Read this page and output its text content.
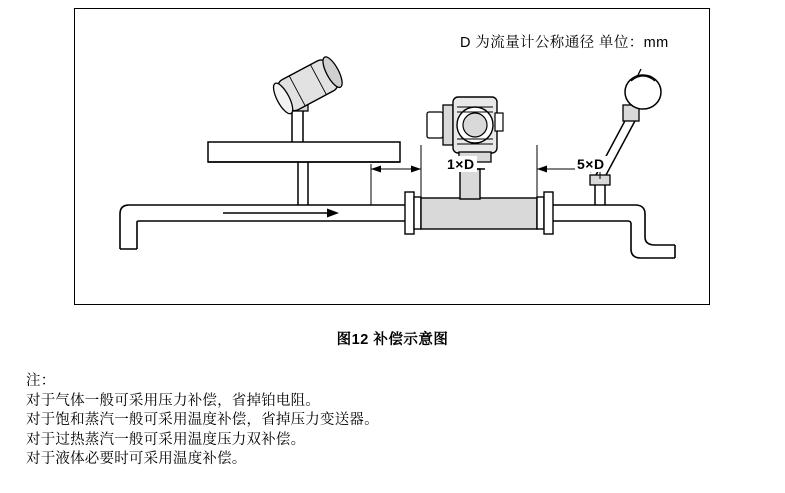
D 为流量计公称通径 单位：mm
1×D	5×D
图12 补偿示意图
注：
对于气体一般可采用压力补偿，省掉铂电阻。
对于饱和蒸汽一般可采用温度补偿，省掉压力变送器。
对于过热蒸汽一般可采用温度压力双补偿。
对于液体必要时可采用温度补偿。
